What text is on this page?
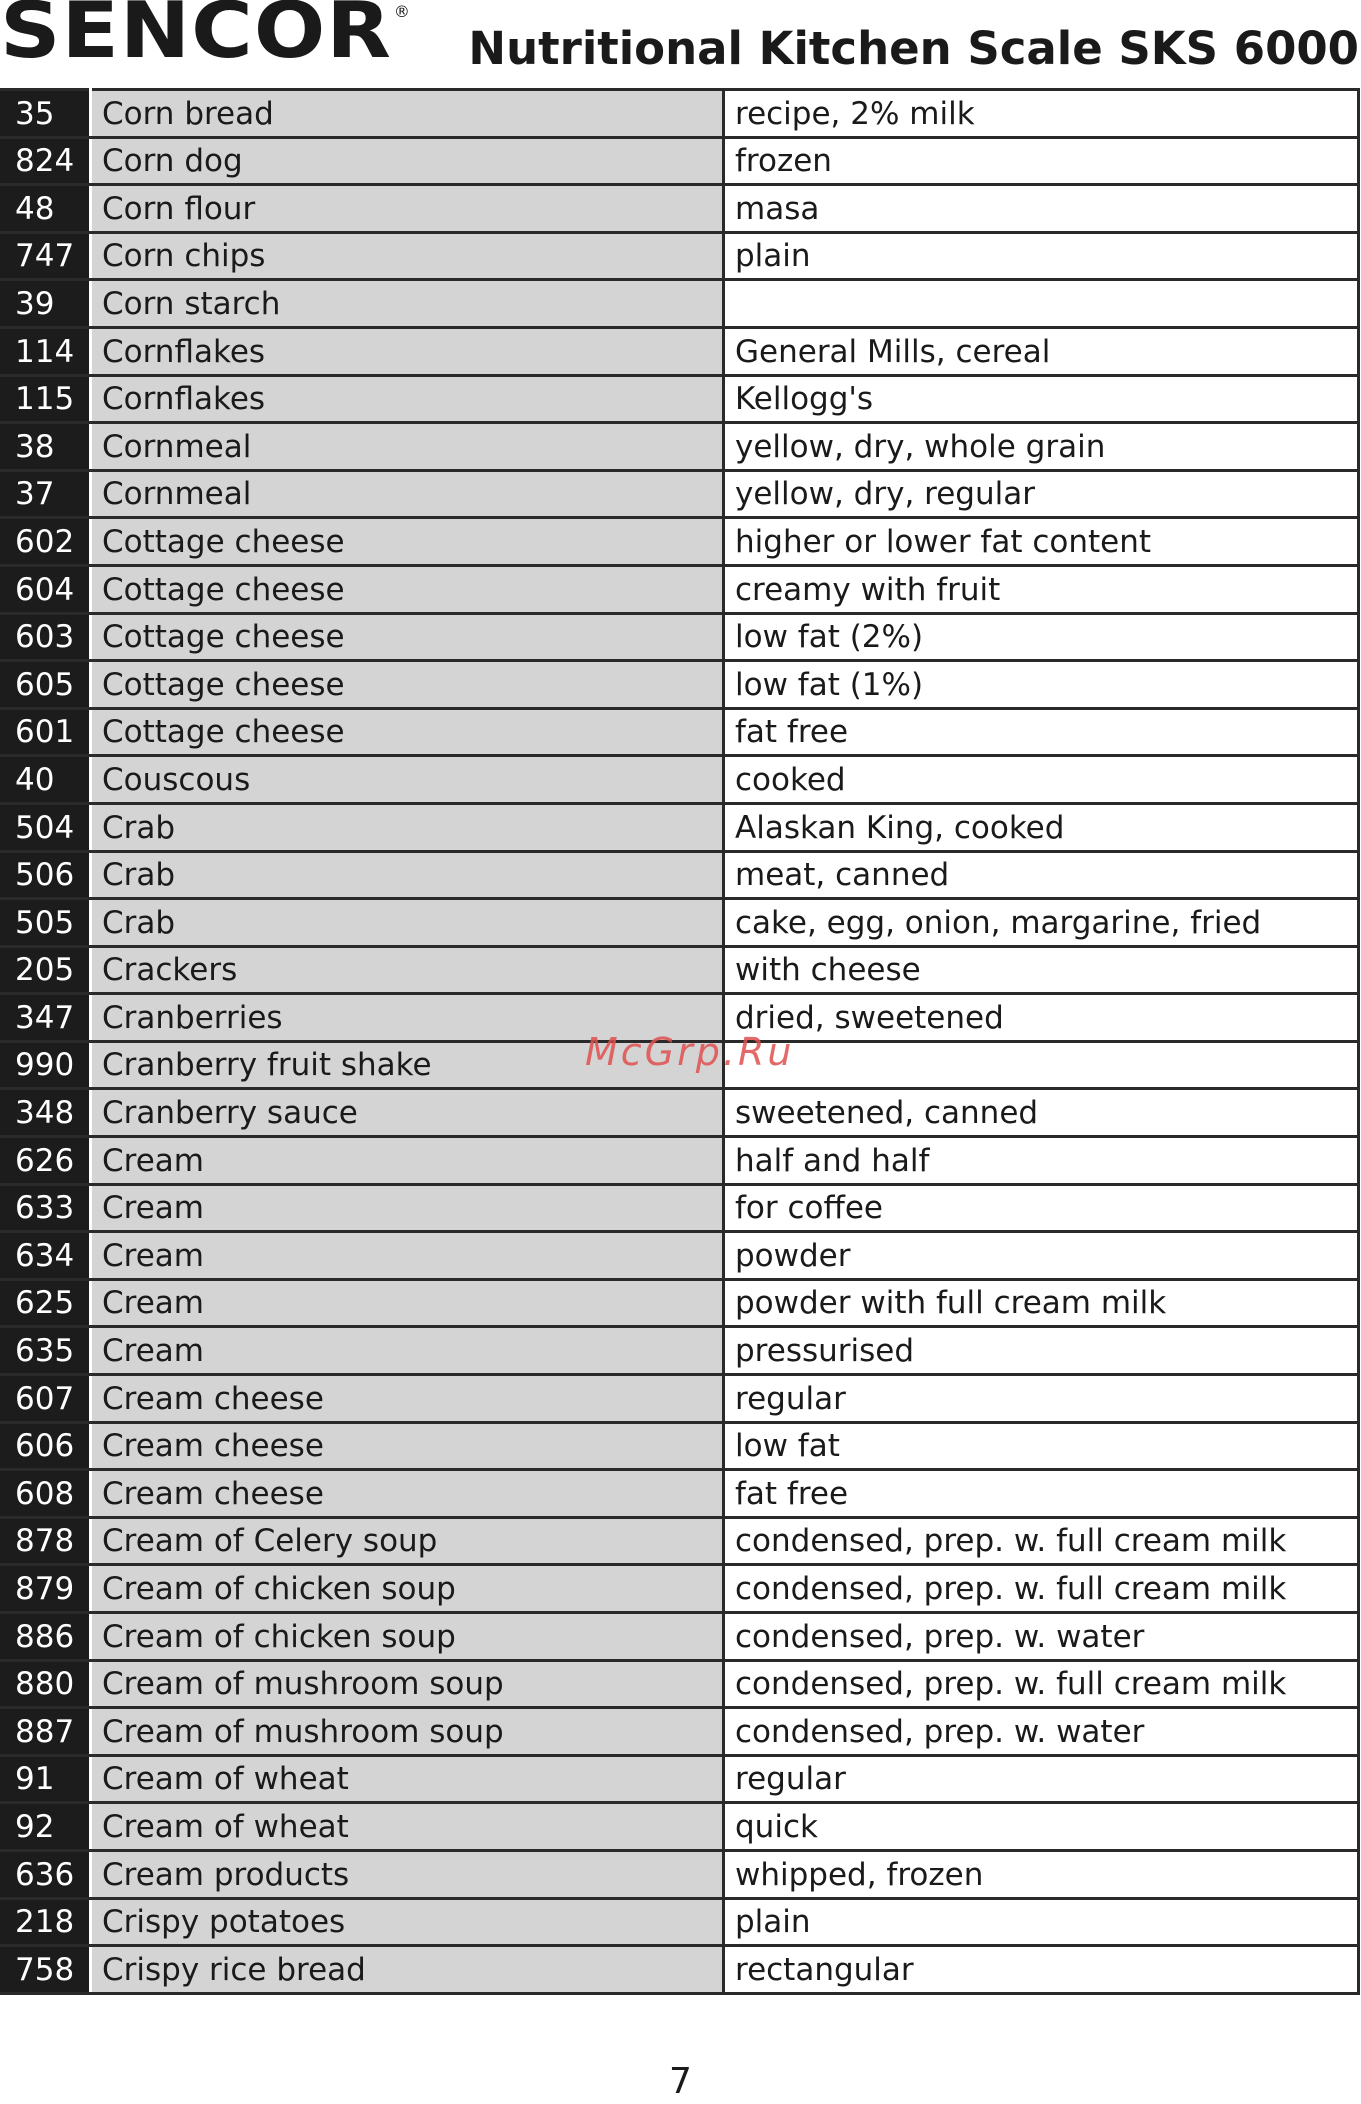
SENCOR ®
Nutritional Kitchen Scale SKS 6000
35	Corn bread	recipe, 2% milk
824	Corn dog	frozen
48	Corn flour	masa
747	Corn chips	plain
39	Corn starch	
114	Cornflakes	General Mills, cereal
115	Cornflakes	Kellogg's
38	Cornmeal	yellow, dry, whole grain
37	Cornmeal	yellow, dry, regular
602	Cottage cheese	higher or lower fat content
604	Cottage cheese	creamy with fruit
603	Cottage cheese	low fat (2%)
605	Cottage cheese	low fat (1%)
601	Cottage cheese	fat free
40	Couscous	cooked
504	Crab	Alaskan King, cooked
506	Crab	meat, canned
505	Crab	cake, egg, onion, margarine, fried
205	Crackers	with cheese
347	Cranberries	dried, sweetened
990	Cranberry fruit shake	
348	Cranberry sauce	sweetened, canned
626	Cream	half and half
633	Cream	for coffee
634	Cream	powder
625	Cream	powder with full cream milk
635	Cream	pressurised
607	Cream cheese	regular
606	Cream cheese	low fat
608	Cream cheese	fat free
878	Cream of Celery soup	condensed, prep. w. full cream milk
879	Cream of chicken soup	condensed, prep. w. full cream milk
886	Cream of chicken soup	condensed, prep. w. water
880	Cream of mushroom soup	condensed, prep. w. full cream milk
887	Cream of mushroom soup	condensed, prep. w. water
91	Cream of wheat	regular
92	Cream of wheat	quick
636	Cream products	whipped, frozen
218	Crispy potatoes	plain
758	Crispy rice bread	rectangular
McGrp.Ru
7
